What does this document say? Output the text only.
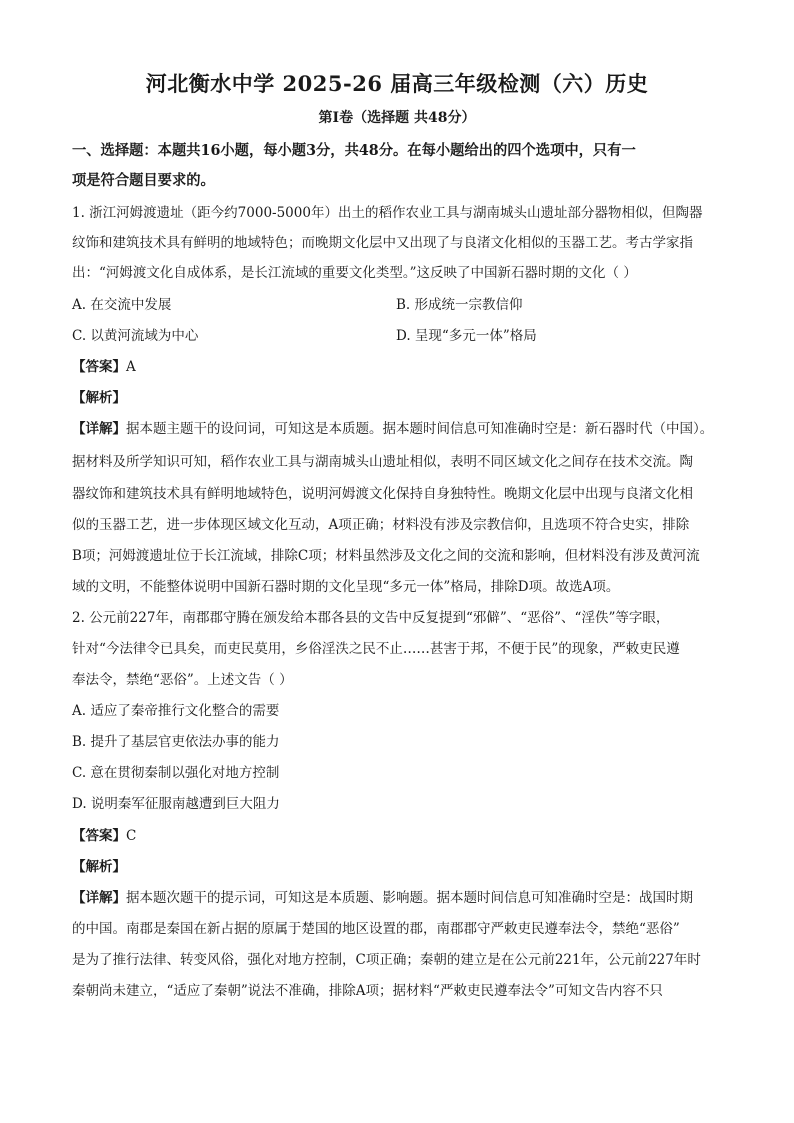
河北衡水中学 2025-26 届高三年级检测（六）历史
第Ⅰ卷（选择题 共48分）
一、选择题：本题共16小题，每小题3分，共48分。在每小题给出的四个选项中，只有一
项是符合题目要求的。
1. 浙江河姆渡遗址（距今约7000-5000年）出土的稻作农业工具与湖南城头山遗址部分器物相似，但陶器
纹饰和建筑技术具有鲜明的地域特色；而晚期文化层中又出现了与良渚文化相似的玉器工艺。考古学家指
出：“河姆渡文化自成体系，是长江流域的重要文化类型。”这反映了中国新石器时期的文化（ ）
A. 在交流中发展	B. 形成统一宗教信仰
C. 以黄河流域为中心	D. 呈现“多元一体”格局
【答案】A
【解析】
【详解】据本题主题干的设问词，可知这是本质题。据本题时间信息可知准确时空是：新石器时代（中国）。
据材料及所学知识可知，稻作农业工具与湖南城头山遗址相似，表明不同区域文化之间存在技术交流。陶
器纹饰和建筑技术具有鲜明地域特色，说明河姆渡文化保持自身独特性。晚期文化层中出现与良渚文化相
似的玉器工艺，进一步体现区域文化互动，A项正确；材料没有涉及宗教信仰，且选项不符合史实，排除
B项；河姆渡遗址位于长江流域，排除C项；材料虽然涉及文化之间的交流和影响，但材料没有涉及黄河流
域的文明，不能整体说明中国新石器时期的文化呈现“多元一体”格局，排除D项。故选A项。
2. 公元前227年，南郡郡守腾在颁发给本郡各县的文告中反复提到“邪僻”、“恶俗”、“淫佚”等字眼，
针对“今法律令已具矣，而吏民莫用，乡俗淫泆之民不止……甚害于邦，不便于民”的现象，严敕吏民遵
奉法令，禁绝“恶俗”。上述文告（ ）
A. 适应了秦帝推行文化整合的需要
B. 提升了基层官吏依法办事的能力
C. 意在贯彻秦制以强化对地方控制
D. 说明秦军征服南越遭到巨大阻力
【答案】C
【解析】
【详解】据本题次题干的提示词，可知这是本质题、影响题。据本题时间信息可知准确时空是：战国时期
的中国。南郡是秦国在新占据的原属于楚国的地区设置的郡，南郡郡守严敕吏民遵奉法令，禁绝“恶俗”
是为了推行法律、转变风俗，强化对地方控制，C项正确；秦朝的建立是在公元前221年，公元前227年时
秦朝尚未建立，“适应了秦朝”说法不准确，排除A项；据材料“严敕吏民遵奉法令”可知文告内容不只
